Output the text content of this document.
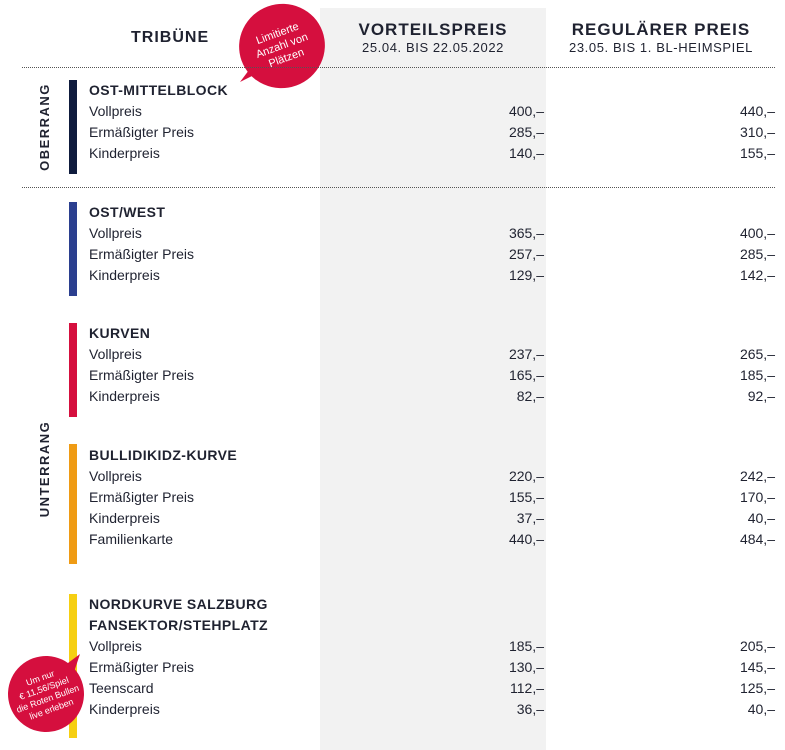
TRIBÜNE	Limitierte
Anzahl von
Plätzen
VORTEILSPREIS
25.04. BIS 22.05.2022
REGULÄRER PREIS
23.05. BIS 1. BL-HEIMSPIEL
OBERRANG
UNTERRANG
OST-MITTELBLOCK
Vollpreis	400,–	440,–
Ermäßigter Preis	285,–	310,–
Kinderpreis	140,–	155,–
OST/WEST
Vollpreis	365,–	400,–
Ermäßigter Preis	257,–	285,–
Kinderpreis	129,–	142,–
KURVEN
Vollpreis	237,–	265,–
Ermäßigter Preis	165,–	185,–
Kinderpreis	82,–	92,–
BULLIDIKIDZ-KURVE
Vollpreis	220,–	242,–
Ermäßigter Preis	155,–	170,–
Kinderpreis	37,–	40,–
Familienkarte	440,–	484,–
NORDKURVE SALZBURG
FANSEKTOR/STEHPLATZ
Vollpreis	185,–	205,–
Ermäßigter Preis	130,–	145,–
Teenscard	112,–	125,–
Kinderpreis	36,–	40,–
Um nur
€ 11,56/Spiel
die Roten Bullen
live erleben
